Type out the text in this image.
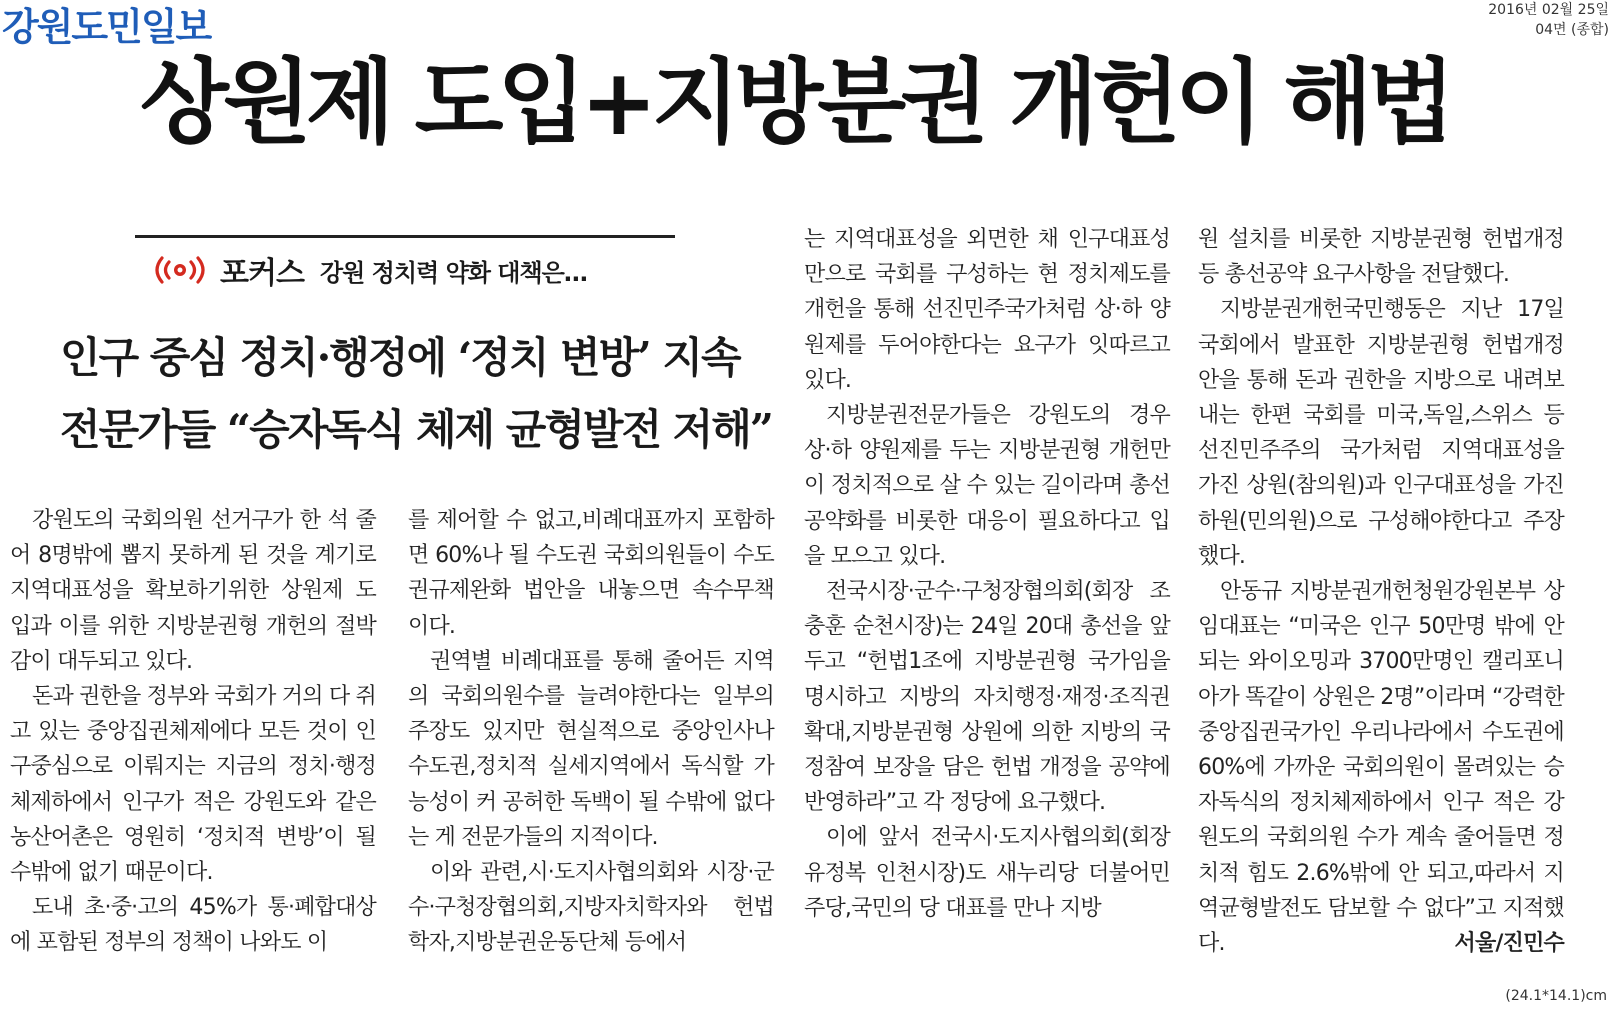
강원도민일보	2016년 02월 25일
04면 (종합)
상원제 도입+지방분권 개헌이 해법
포커스 강원 정치력 약화 대책은…
인구 중심 정치·행정에 ‘정치 변방’ 지속
전문가들 “승자독식 체제 균형발전 저해”

강원도의 국회의원 선거구가 한 석 줄어 8명밖에 뽑지 못하게 된 것을 계기로 지역대표성을 확보하기위한 상원제 도입과 이를 위한 지방분권형 개헌의 절박감이 대두되고 있다.

돈과 권한을 정부와 국회가 거의 다 쥐고 있는 중앙집권체제에다 모든 것이 인구중심으로 이뤄지는 지금의 정치·행정체제하에서 인구가 적은 강원도와 같은 농산어촌은 영원히 ‘정치적 변방’이 될 수밖에 없기 때문이다.

도내 초·중·고의 45%가 통·폐합대상에 포함된 정부의 정책이 나와도 이

를 제어할 수 없고,비례대표까지 포함하면 60%나 될 수도권 국회의원들이 수도권규제완화 법안을 내놓으면 속수무책이다.

권역별 비례대표를 통해 줄어든 지역의 국회의원수를 늘려야한다는 일부의 주장도 있지만 현실적으로 중앙인사나 수도권,정치적 실세지역에서 독식할 가능성이 커 공허한 독백이 될 수밖에 없다는 게 전문가들의 지적이다.

이와 관련,시·도지사협의회와 시장·군수·구청장협의회,지방자치학자와 헌법학자,지방분권운동단체 등에서

는 지역대표성을 외면한 채 인구대표성만으로 국회를 구성하는 현 정치제도를 개헌을 통해 선진민주국가처럼 상·하 양원제를 두어야한다는 요구가 잇따르고 있다.

지방분권전문가들은 강원도의 경우 상·하 양원제를 두는 지방분권형 개헌만이 정치적으로 살 수 있는 길이라며 총선공약화를 비롯한 대응이 필요하다고 입을 모으고 있다.

전국시장·군수·구청장협의회(회장 조충훈 순천시장)는 24일 20대 총선을 앞두고 “헌법1조에 지방분권형 국가임을 명시하고 지방의 자치행정·재정·조직권 확대,지방분권형 상원에 의한 지방의 국정참여 보장을 담은 헌법 개정을 공약에 반영하라”고 각 정당에 요구했다.

이에 앞서 전국시·도지사협의회(회장 유정복 인천시장)도 새누리당 더불어민주당,국민의 당 대표를 만나 지방

원 설치를 비롯한 지방분권형 헌법개정 등 총선공약 요구사항을 전달했다.

지방분권개헌국민행동은 지난 17일 국회에서 발표한 지방분권형 헌법개정안을 통해 돈과 권한을 지방으로 내려보내는 한편 국회를 미국,독일,스위스 등 선진민주주의 국가처럼 지역대표성을 가진 상원(참의원)과 인구대표성을 가진 하원(민의원)으로 구성해야한다고 주장했다.

안동규 지방분권개헌청원강원본부 상임대표는 “미국은 인구 50만명 밖에 안되는 와이오밍과 3700만명인 캘리포니아가 똑같이 상원은 2명”이라며 “강력한 중앙집권국가인 우리나라에서 수도권에 60%에 가까운 국회의원이 몰려있는 승자독식의 정치체제하에서 인구 적은 강원도의 국회의원 수가 계속 줄어들면 정치적 힘도 2.6%밖에 안 되고,따라서 지역균형발전도 담보할 수 없다”고 지적했다.	서울/진민수

(24.1*14.1)cm
